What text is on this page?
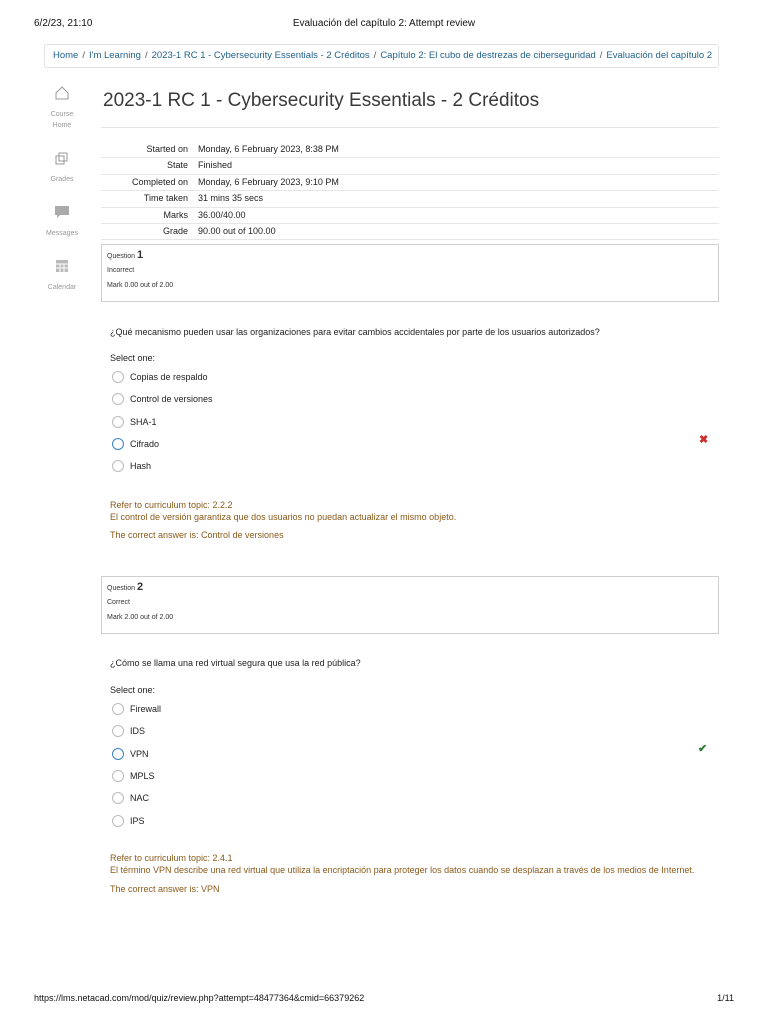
6/2/23, 21:10	Evaluación del capítulo 2: Attempt review
Home / I'm Learning / 2023-1 RC 1 - Cybersecurity Essentials - 2 Créditos / Capítulo 2: El cubo de destrezas de ciberseguridad / Evaluación del capítulo 2
Course
Home
Grades
Messages
Calendar
2023-1 RC 1 - Cybersecurity Essentials - 2 Créditos
Started on	Monday, 6 February 2023, 8:38 PM
State	Finished
Completed on	Monday, 6 February 2023, 9:10 PM
Time taken	31 mins 35 secs
Marks	36.00/40.00
Grade	90.00 out of 100.00
Question 1
Incorrect
Mark 0.00 out of 2.00
¿Qué mecanismo pueden usar las organizaciones para evitar cambios accidentales por parte de los usuarios autorizados?
Select one:
Copias de respaldo
Control de versiones
SHA-1
Cifrado
Hash
✖
Refer to curriculum topic: 2.2.2
El control de versión garantiza que dos usuarios no puedan actualizar el mismo objeto.
The correct answer is: Control de versiones
Question 2
Correct
Mark 2.00 out of 2.00
¿Cómo se llama una red virtual segura que usa la red pública?
Select one:
Firewall
IDS
VPN
MPLS
NAC
IPS
✔
Refer to curriculum topic: 2.4.1
El término VPN describe una red virtual que utiliza la encriptación para proteger los datos cuando se desplazan a través de los medios de Internet.
The correct answer is: VPN
https://lms.netacad.com/mod/quiz/review.php?attempt=48477364&cmid=66379262	1/11
